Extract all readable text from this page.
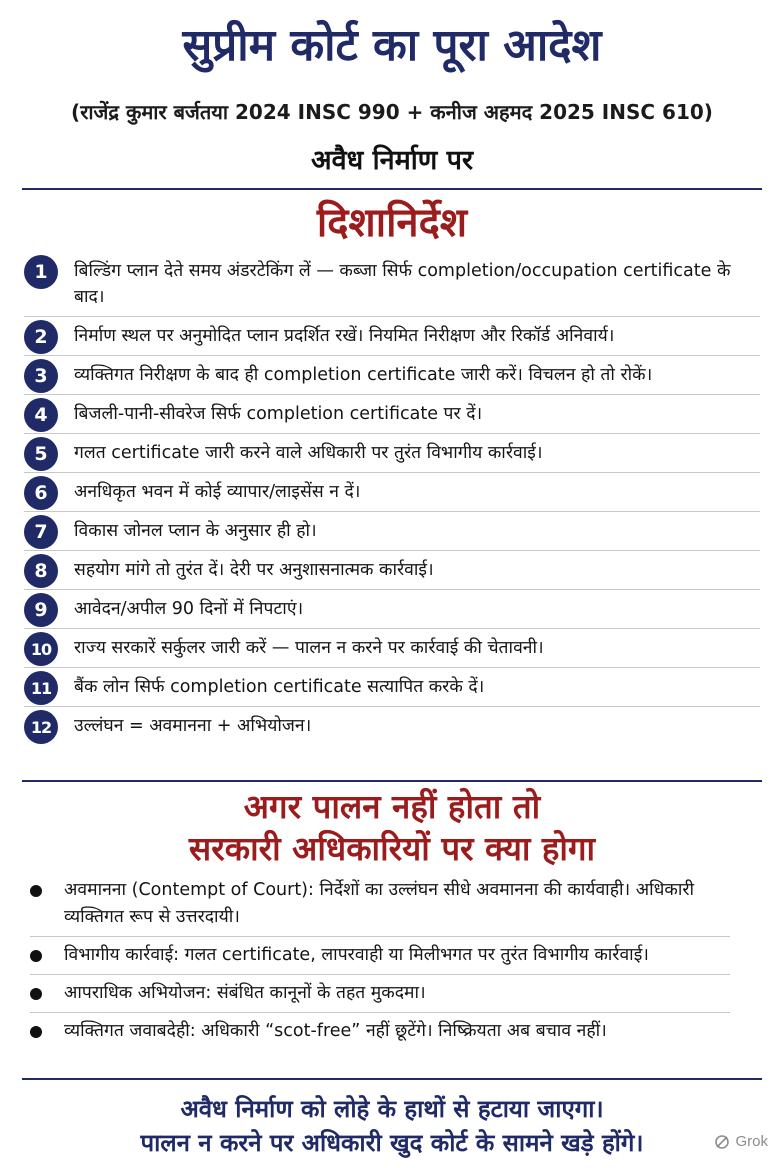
सुप्रीम कोर्ट का पूरा आदेश
(राजेंद्र कुमार बर्जतया 2024 INSC 990 + कनीज अहमद 2025 INSC 610)
अवैध निर्माण पर
दिशानिर्देश
1	बिल्डिंग प्लान देते समय अंडरटेकिंग लें — कब्जा सिर्फ completion/occupation certificate के बाद।
2	निर्माण स्थल पर अनुमोदित प्लान प्रदर्शित रखें। नियमित निरीक्षण और रिकॉर्ड अनिवार्य।
3	व्यक्तिगत निरीक्षण के बाद ही completion certificate जारी करें। विचलन हो तो रोकें।
4	बिजली-पानी-सीवरेज सिर्फ completion certificate पर दें।
5	गलत certificate जारी करने वाले अधिकारी पर तुरंत विभागीय कार्रवाई।
6	अनधिकृत भवन में कोई व्यापार/लाइसेंस न दें।
7	विकास जोनल प्लान के अनुसार ही हो।
8	सहयोग मांगे तो तुरंत दें। देरी पर अनुशासनात्मक कार्रवाई।
9	आवेदन/अपील 90 दिनों में निपटाएं।
10	राज्य सरकारें सर्कुलर जारी करें — पालन न करने पर कार्रवाई की चेतावनी।
11	बैंक लोन सिर्फ completion certificate सत्यापित करके दें।
12	उल्लंघन = अवमानना + अभियोजन।
अगर पालन नहीं होता तो
सरकारी अधिकारियों पर क्या होगा
अवमानना (Contempt of Court): निर्देशों का उल्लंघन सीधे अवमानना की कार्यवाही। अधिकारी व्यक्तिगत रूप से उत्तरदायी।
विभागीय कार्रवाई: गलत certificate, लापरवाही या मिलीभगत पर तुरंत विभागीय कार्रवाई।
आपराधिक अभियोजन: संबंधित कानूनों के तहत मुकदमा।
व्यक्तिगत जवाबदेही: अधिकारी “scot-free” नहीं छूटेंगे। निष्क्रियता अब बचाव नहीं।
अवैध निर्माण को लोहे के हाथों से हटाया जाएगा।
पालन न करने पर अधिकारी खुद कोर्ट के सामने खड़े होंगे।	Grok
